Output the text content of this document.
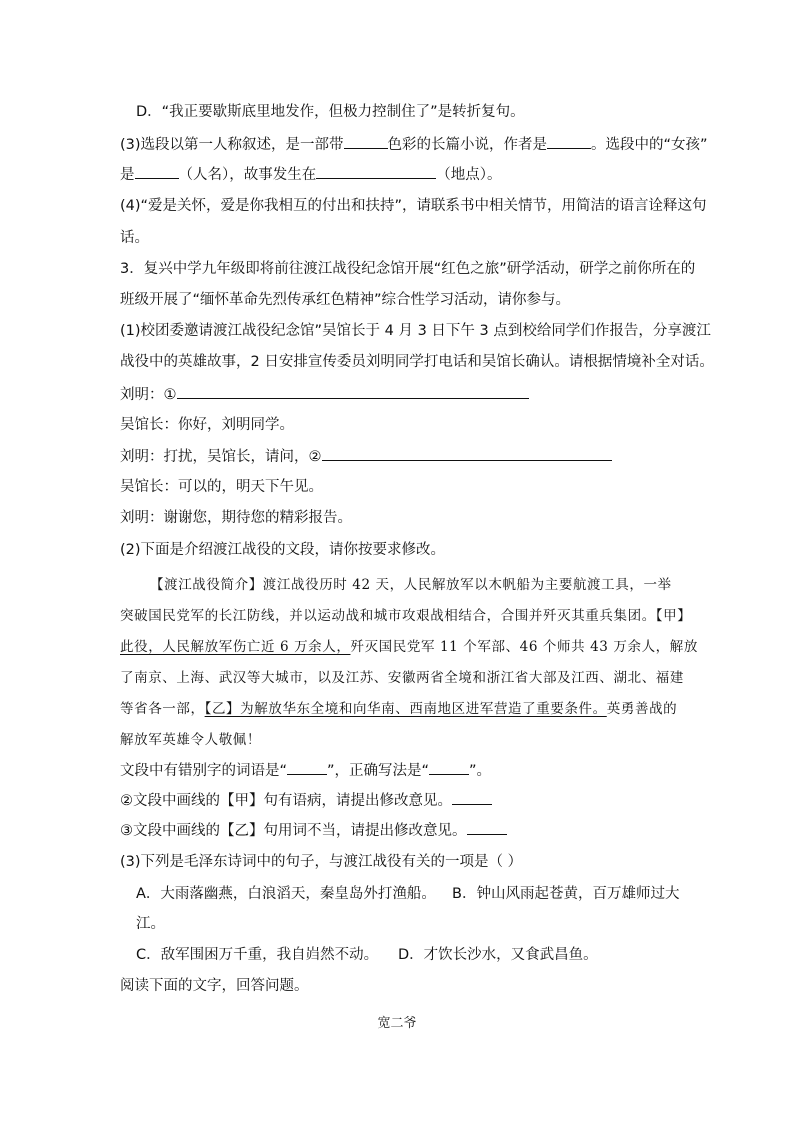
D．“我正要歇斯底里地发作，但极力控制住了”是转折复句。
(3)选段以第一人称叙述，是一部带	色彩的长篇小说，作者是	。选段中的“女孩”
是	（人名），故事发生在	（地点）。
(4)“爱是关怀，爱是你我相互的付出和扶持”，请联系书中相关情节，用简洁的语言诠释这句
话。
3．复兴中学九年级即将前往渡江战役纪念馆开展“红色之旅”研学活动，研学之前你所在的
班级开展了“缅怀革命先烈传承红色精神”综合性学习活动，请你参与。
(1)校团委邀请渡江战役纪念馆”吴馆长于 4 月 3 日下午 3 点到校给同学们作报告，分享渡江
战役中的英雄故事，2 日安排宣传委员刘明同学打电话和吴馆长确认。请根据情境补全对话。
刘明：①
吴馆长：你好，刘明同学。
刘明：打扰，吴馆长，请问，②
吴馆长：可以的，明天下午见。
刘明：谢谢您，期待您的精彩报告。
(2)下面是介绍渡江战役的文段，请你按要求修改。
【渡江战役简介】渡江战役历时 42 天，人民解放军以木帆船为主要航渡工具，一举
突破国民党军的长江防线，并以运动战和城市攻艰战相结合，合围并歼灭其重兵集团。【甲】
此役，人民解放军伤亡近 6 万余人，歼灭国民党军 11 个军部、46 个师共 43 万余人，解放
了南京、上海、武汉等大城市，以及江苏、安徽两省全境和浙江省大部及江西、湖北、福建
等省各一部，【乙】为解放华东全境和向华南、西南地区进军营造了重要条件。英勇善战的
解放军英雄令人敬佩！
文段中有错别字的词语是“	”，正确写法是“	”。
②文段中画线的【甲】句有语病，请提出修改意见。
③文段中画线的【乙】句用词不当，请提出修改意见。
(3)下列是毛泽东诗词中的句子，与渡江战役有关的一项是（ ）
A．大雨落幽燕，白浪滔天，秦皇岛外打渔船。 B．钟山风雨起苍黄，百万雄师过大
江。
C．敌军围困万千重，我自岿然不动。 D．才饮长沙水，又食武昌鱼。
阅读下面的文字，回答问题。
宽二爷
